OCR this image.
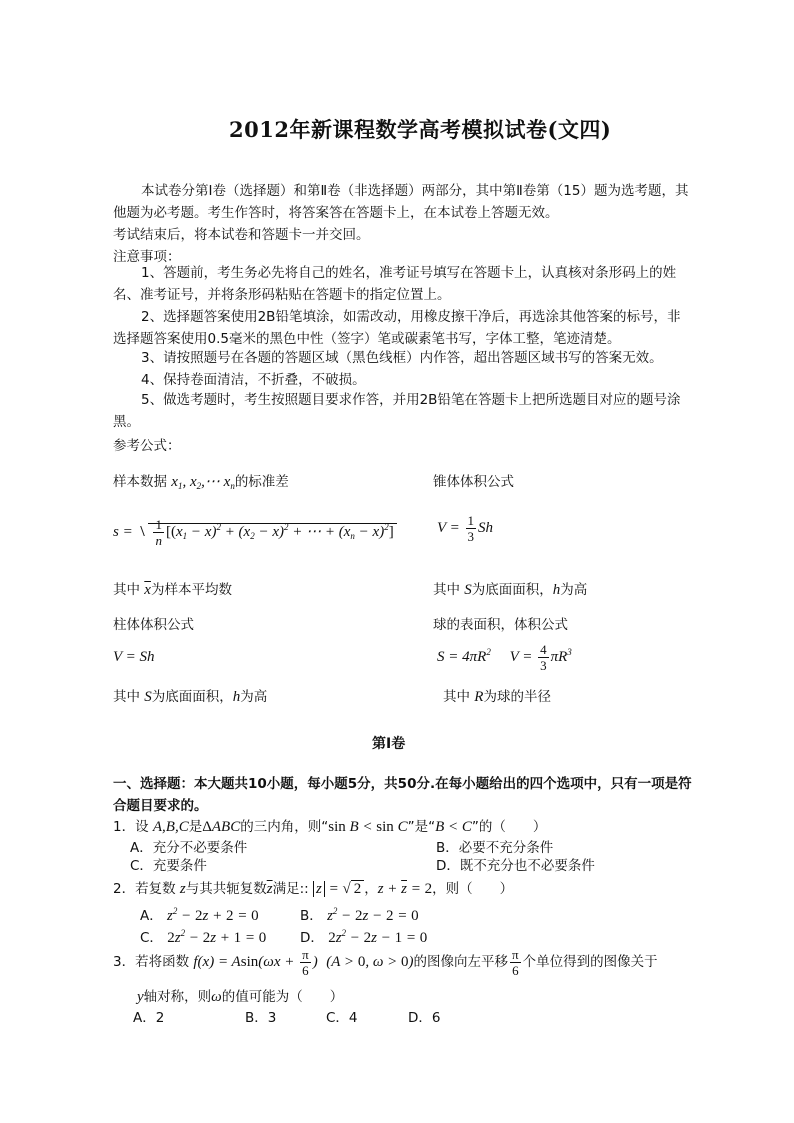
2012年新课程数学高考模拟试卷(文四)
本试卷分第Ⅰ卷（选择题）和第Ⅱ卷（非选择题）两部分，其中第Ⅱ卷第（15）题为选考题，其他题为必考题。考生作答时，将答案答在答题卡上，在本试卷上答题无效。
考试结束后，将本试卷和答题卡一并交回。
注意事项：
1、答题前，考生务必先将自己的姓名，准考证号填写在答题卡上，认真核对条形码上的姓名、准考证号，并将条形码粘贴在答题卡的指定位置上。
2、选择题答案使用2B铅笔填涂，如需改动，用橡皮擦干净后，再选涂其他答案的标号，非选择题答案使用0.5毫米的黑色中性（签字）笔或碳素笔书写，字体工整，笔迹清楚。
3、请按照题号在各题的答题区域（黑色线框）内作答，超出答题区域书写的答案无效。
4、保持卷面清洁，不折叠，不破损。
5、做选考题时，考生按照题目要求作答，并用2B铅笔在答题卡上把所选题目对应的题号涂黑。
参考公式：
样本数据 $x_1$, $x_2,\cdots$ $x_n$的标准差
$s = \frac{1}{n} [(x_1 - \overline{x})^2 + (x_2 - \overline{x})^2$ + ⋯ + $(x_n - \overline{x})^2$]
其中 $\overline{x}$为样本平均数
柱体体积公式
V = Sh
其中 S为底面面积，h为高
锥体体积公式
$V = \frac{1}{3}$ Sh
其中 S为底面面积，h为高
球的表面积，体积公式
$S = 4\pi R^2$     $V = \frac{4}{3} \pi R^3$
其中 R为球的半径
第Ⅰ卷
一、选择题：本大题共10小题，每小题5分，共50分.在每小题给出的四个选项中，只有一项是符合题目要求的。
1．设 A,B,C是ΔABC的三内角，则“sin B < sin C”是“B < C”的（　　）
A．充分不必要条件	B．必要不充分条件
C．充要条件	D．既不充分也不必要条件
2．若复数 z与其共轭复数$\overline{z}$满足:: z = √ 2 ，$z + \overline{z} = 2$，则（　　）
A． $z^2 - 2z + 2 = 0$	B． $z^2 - 2z - 2 = 0$
C． $2z^2 - 2z + 1 = 0$ D． $2z^2 - 2z - 1 = 0$
3．若将函数 $f(x) = Asin(\omega x + \frac{\pi}{6}$ ) (A > 0, ω > 0)的图像向左平移 $\frac{\pi}{6}$ 个单位得到的图像关于
y轴对称，则ω的值可能为（　　）
A．2	B．3	C．4	D．6
